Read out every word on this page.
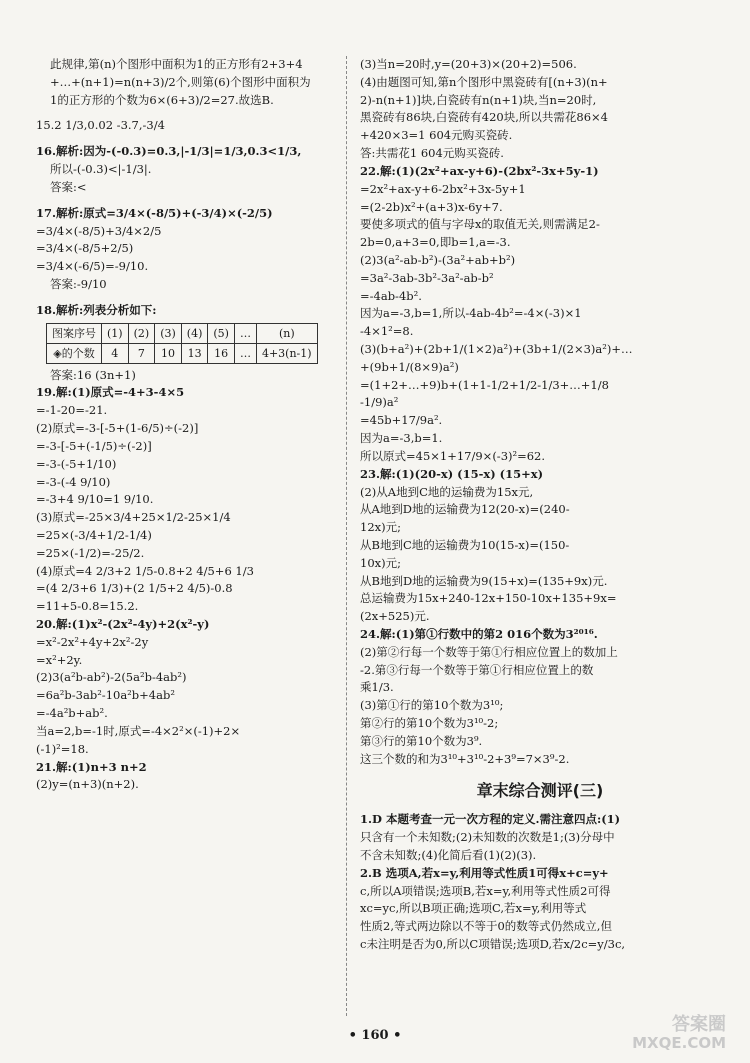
此规律,第(n)个图形中面积为1的正方形有2+3+4
+…+(n+1)=n(n+3)/2个,则第(6)个图形中面积为
1的正方形的个数为6×(6+3)/2=27.故选B.
15.2 1/3,0.02 -3.7,-3/4
16.解析:因为-(-0.3)=0.3,|-1/3|=1/3,0.3<1/3,
所以-(-0.3)<|-1/3|.
答案:<
17.解析:原式=3/4×(-8/5)+(-3/4)×(-2/5)
=3/4×(-8/5)+3/4×2/5
=3/4×(-8/5+2/5)
=3/4×(-6/5)=-9/10.
答案:-9/10
18.解析:列表分析如下:
图案序号	(1)	(2)	(3)	(4)	(5)	…	(n)
◈的个数	4	7	10	13	16	…	4+3(n-1)
答案:16 (3n+1)
19.解:(1)原式=-4+3-4×5
=-1-20=-21.
(2)原式=-3-[-5+(1-6/5)÷(-2)]
=-3-[-5+(-1/5)÷(-2)]
=-3-(-5+1/10)
=-3-(-4 9/10)
=-3+4 9/10=1 9/10.
(3)原式=-25×3/4+25×1/2-25×1/4
=25×(-3/4+1/2-1/4)
=25×(-1/2)=-25/2.
(4)原式=4 2/3+2 1/5-0.8+2 4/5+6 1/3
=(4 2/3+6 1/3)+(2 1/5+2 4/5)-0.8
=11+5-0.8=15.2.
20.解:(1)x²-(2x²-4y)+2(x²-y)
=x²-2x²+4y+2x²-2y
=x²+2y.
(2)3(a²b-ab²)-2(5a²b-4ab²)
=6a²b-3ab²-10a²b+4ab²
=-4a²b+ab².
当a=2,b=-1时,原式=-4×2²×(-1)+2×
(-1)²=18.
21.解:(1)n+3 n+2
(2)y=(n+3)(n+2).
(3)当n=20时,y=(20+3)×(20+2)=506.
(4)由题图可知,第n个图形中黑瓷砖有[(n+3)(n+
2)-n(n+1)]块,白瓷砖有n(n+1)块,当n=20时,
黑瓷砖有86块,白瓷砖有420块,所以共需花86×4
+420×3=1 604元购买瓷砖.
答:共需花1 604元购买瓷砖.
22.解:(1)(2x²+ax-y+6)-(2bx²-3x+5y-1)
=2x²+ax-y+6-2bx²+3x-5y+1
=(2-2b)x²+(a+3)x-6y+7.
要使多项式的值与字母x的取值无关,则需满足2-
2b=0,a+3=0,即b=1,a=-3.
(2)3(a²-ab-b²)-(3a²+ab+b²)
=3a²-3ab-3b²-3a²-ab-b²
=-4ab-4b².
因为a=-3,b=1,所以-4ab-4b²=-4×(-3)×1
-4×1²=8.
(3)(b+a²)+(2b+1/(1×2)a²)+(3b+1/(2×3)a²)+…
+(9b+1/(8×9)a²)
=(1+2+…+9)b+(1+1-1/2+1/2-1/3+…+1/8
-1/9)a²
=45b+17/9a².
因为a=-3,b=1.
所以原式=45×1+17/9×(-3)²=62.
23.解:(1)(20-x) (15-x) (15+x)
(2)从A地到C地的运输费为15x元,
从A地到D地的运输费为12(20-x)=(240-
12x)元;
从B地到C地的运输费为10(15-x)=(150-
10x)元;
从B地到D地的运输费为9(15+x)=(135+9x)元.
总运输费为15x+240-12x+150-10x+135+9x=
(2x+525)元.
24.解:(1)第①行数中的第2 016个数为3²⁰¹⁶.
(2)第②行每一个数等于第①行相应位置上的数加上
-2.第③行每一个数等于第①行相应位置上的数
乘1/3.
(3)第①行的第10个数为3¹⁰;
第②行的第10个数为3¹⁰-2;
第③行的第10个数为3⁹.
这三个数的和为3¹⁰+3¹⁰-2+3⁹=7×3⁹-2.
章末综合测评(三)
1.D 本题考查一元一次方程的定义.需注意四点:(1)
只含有一个未知数;(2)未知数的次数是1;(3)分母中
不含未知数;(4)化简后看(1)(2)(3).
2.B 选项A,若x=y,利用等式性质1可得x+c=y+
c,所以A项错误;选项B,若x=y,利用等式性质2可得
xc=yc,所以B项正确;选项C,若x=y,利用等式
性质2,等式两边除以不等于0的数等式仍然成立,但
c未注明是否为0,所以C项错误;选项D,若x/2c=y/3c,
• 160 •
答案圈
MXQE.COM
